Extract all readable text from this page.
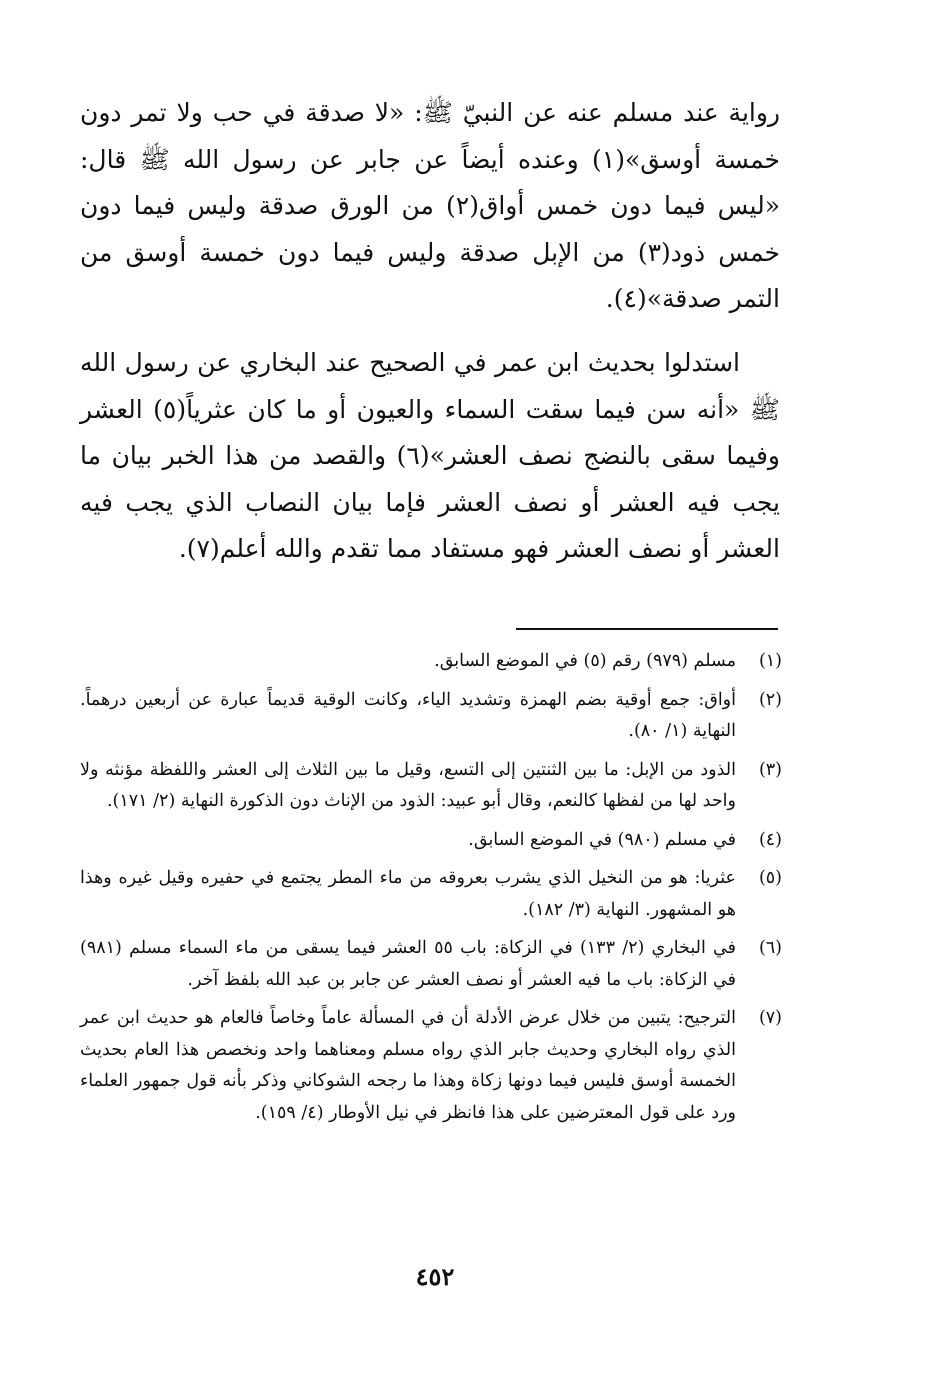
رواية عند مسلم عنه عن النبيّ ﷺ: «لا صدقة في حب ولا تمر دون خمسة أوسق»(١) وعنده أيضاً عن جابر عن رسول الله ﷺ قال: «ليس فيما دون خمس أواق(٢) من الورق صدقة وليس فيما دون خمس ذود(٣) من الإبل صدقة وليس فيما دون خمسة أوسق من التمر صدقة»(٤).

استدلوا بحديث ابن عمر في الصحيح عند البخاري عن رسول الله ﷺ «أنه سن فيما سقت السماء والعيون أو ما كان عثرياً(٥) العشر وفيما سقى بالنضج نصف العشر»(٦) والقصد من هذا الخبر بيان ما يجب فيه العشر أو نصف العشر فإما بيان النصاب الذي يجب فيه العشر أو نصف العشر فهو مستفاد مما تقدم والله أعلم(٧).

(١)
مسلم (٩٧٩) رقم (٥) في الموضع السابق.
(٢)
أواق: جمع أوقية بضم الهمزة وتشديد الياء، وكانت الوقية قديماً عبارة عن أربعين درهماً. النهاية (١/ ٨٠).
(٣)
الذود من الإبل: ما بين الثنتين إلى التسع، وقيل ما بين الثلاث إلى العشر واللفظة مؤنثه ولا واحد لها من لفظها كالنعم، وقال أبو عبيد: الذود من الإناث دون الذكورة النهاية (٢/ ١٧١).
(٤)
في مسلم (٩٨٠) في الموضع السابق.
(٥)
عثريا: هو من النخيل الذي يشرب بعروقه من ماء المطر يجتمع في حفيره وقيل غيره وهذا هو المشهور. النهاية (٣/ ١٨٢).
(٦)
في البخاري (٢/ ١٣٣) في الزكاة: باب ٥٥ العشر فيما يسقى من ماء السماء مسلم (٩٨١) في الزكاة: باب ما فيه العشر أو نصف العشر عن جابر بن عبد الله بلفظ آخر.
(٧)
الترجيح: يتبين من خلال عرض الأدلة أن في المسألة عاماً وخاصاً فالعام هو حديث ابن عمر الذي رواه البخاري وحديث جابر الذي رواه مسلم ومعناهما واحد ونخصص هذا العام بحديث الخمسة أوسق فليس فيما دونها زكاة وهذا ما رجحه الشوكاني وذكر بأنه قول جمهور العلماء ورد على قول المعترضين على هذا فانظر في نيل الأوطار (٤/ ١٥٩).
٤٥٢
